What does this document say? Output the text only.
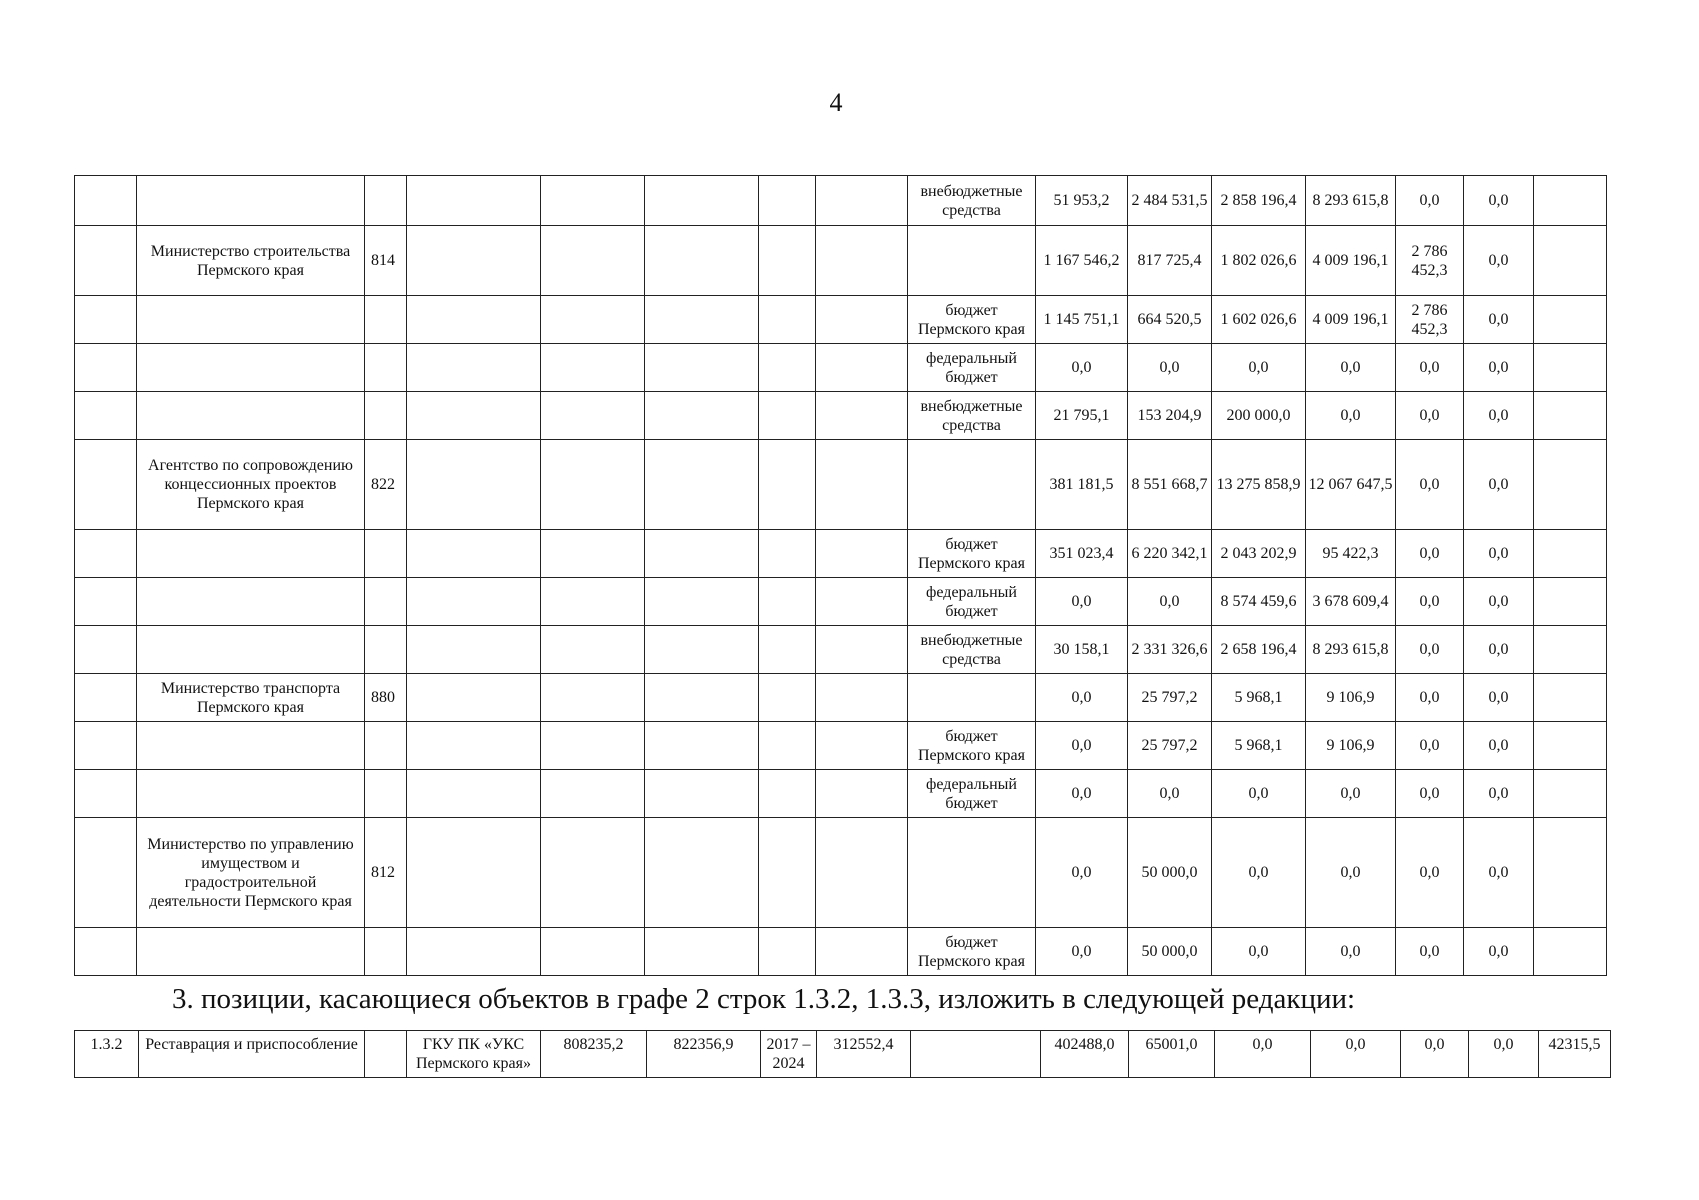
4
								внебюджетные средства	51 953,2	2 484 531,5	2 858 196,4	8 293 615,8	0,0	0,0	
	Министерство строительства Пермского края	814							1 167 546,2	817 725,4	1 802 026,6	4 009 196,1	2 786 452,3	0,0	
								бюджет Пермского края	1 145 751,1	664 520,5	1 602 026,6	4 009 196,1	2 786 452,3	0,0	
								федеральный бюджет	0,0	0,0	0,0	0,0	0,0	0,0	
								внебюджетные средства	21 795,1	153 204,9	200 000,0	0,0	0,0	0,0	
	Агентство по сопровождению концессионных проектов Пермского края	822							381 181,5	8 551 668,7	13 275 858,9	12 067 647,5	0,0	0,0	
								бюджет Пермского края	351 023,4	6 220 342,1	2 043 202,9	95 422,3	0,0	0,0	
								федеральный бюджет	0,0	0,0	8 574 459,6	3 678 609,4	0,0	0,0	
								внебюджетные средства	30 158,1	2 331 326,6	2 658 196,4	8 293 615,8	0,0	0,0	
	Министерство транспорта Пермского края	880							0,0	25 797,2	5 968,1	9 106,9	0,0	0,0	
								бюджет Пермского края	0,0	25 797,2	5 968,1	9 106,9	0,0	0,0	
								федеральный бюджет	0,0	0,0	0,0	0,0	0,0	0,0	
	Министерство по управлению имуществом и градостроительной деятельности Пермского края	812							0,0	50 000,0	0,0	0,0	0,0	0,0	
								бюджет Пермского края	0,0	50 000,0	0,0	0,0	0,0	0,0	
3. позиции, касающиеся объектов в графе 2 строк 1.3.2, 1.3.3, изложить в следующей редакции:
1.3.2	Реставрация и приспособление		ГКУ ПК «УКС Пермского края»	808235,2	822356,9	2017 – 2024	312552,4		402488,0	65001,0	0,0	0,0	0,0	0,0	42315,5
